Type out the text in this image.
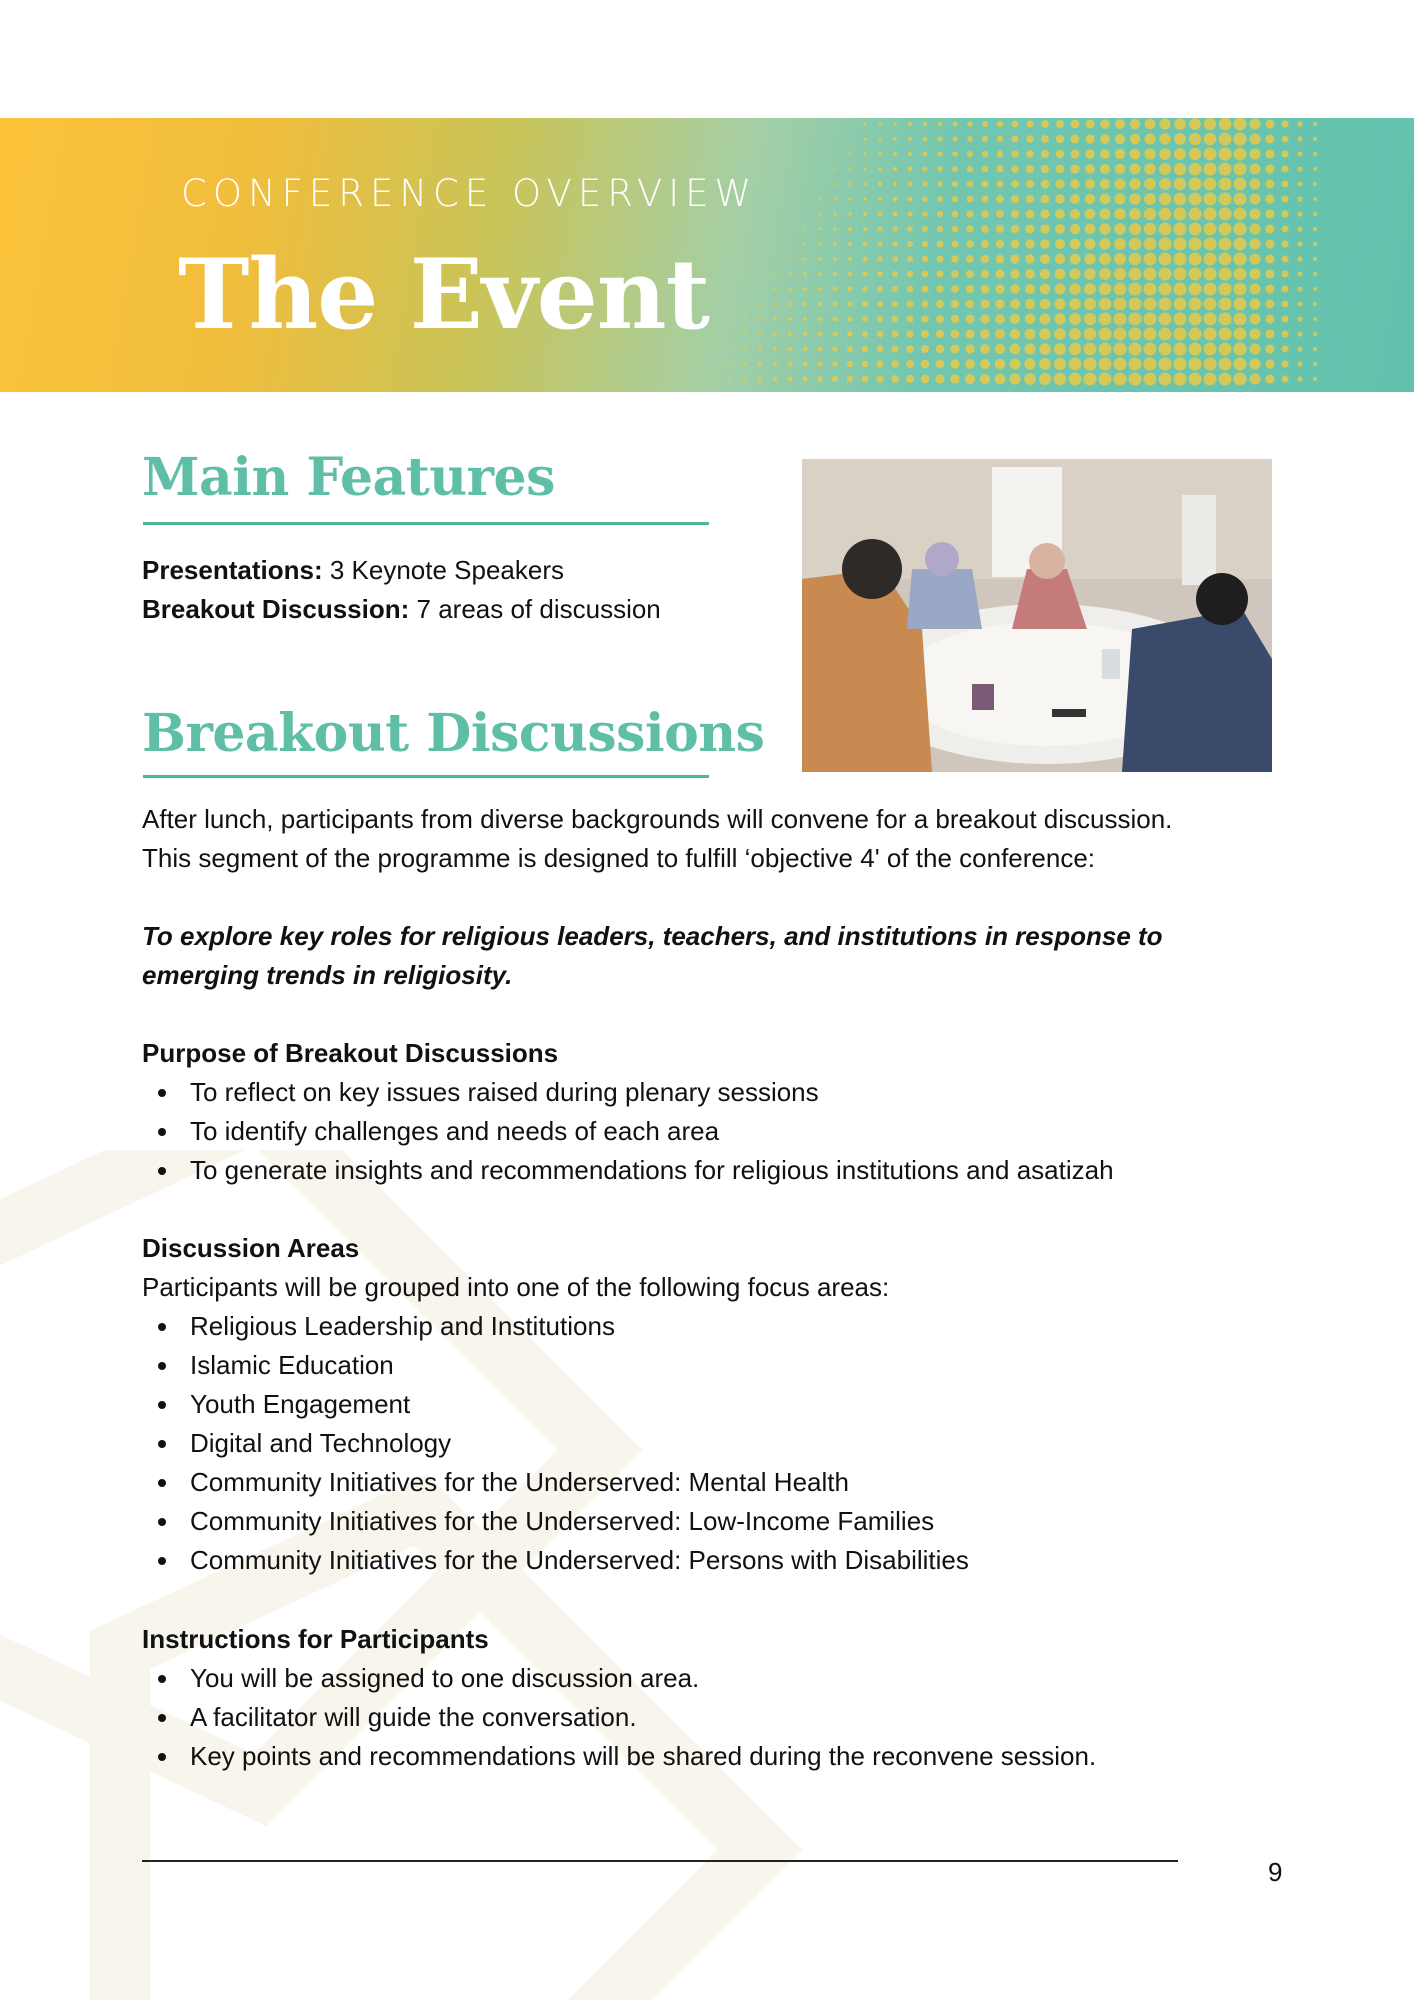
CONFERENCE OVERVIEW

The Event
Main Features

Presentations: 3 Keynote Speakers

Breakout Discussion: 7 areas of discussion

Breakout Discussions

After lunch, participants from diverse backgrounds will convene for a breakout discussion.

This segment of the programme is designed to fulfill ‘objective 4' of the conference:

To explore key roles for religious leaders, teachers, and institutions in response to

emerging trends in religiosity.

Purpose of Breakout Discussions

To reflect on key issues raised during plenary sessions
To identify challenges and needs of each area
To generate insights and recommendations for religious institutions and asatizah

Discussion Areas

Participants will be grouped into one of the following focus areas:

Religious Leadership and Institutions
Islamic Education
Youth Engagement
Digital and Technology
Community Initiatives for the Underserved: Mental Health
Community Initiatives for the Underserved: Low-Income Families
Community Initiatives for the Underserved: Persons with Disabilities

Instructions for Participants

You will be assigned to one discussion area.
A facilitator will guide the conversation.
Key points and recommendations will be shared during the reconvene session.
9
